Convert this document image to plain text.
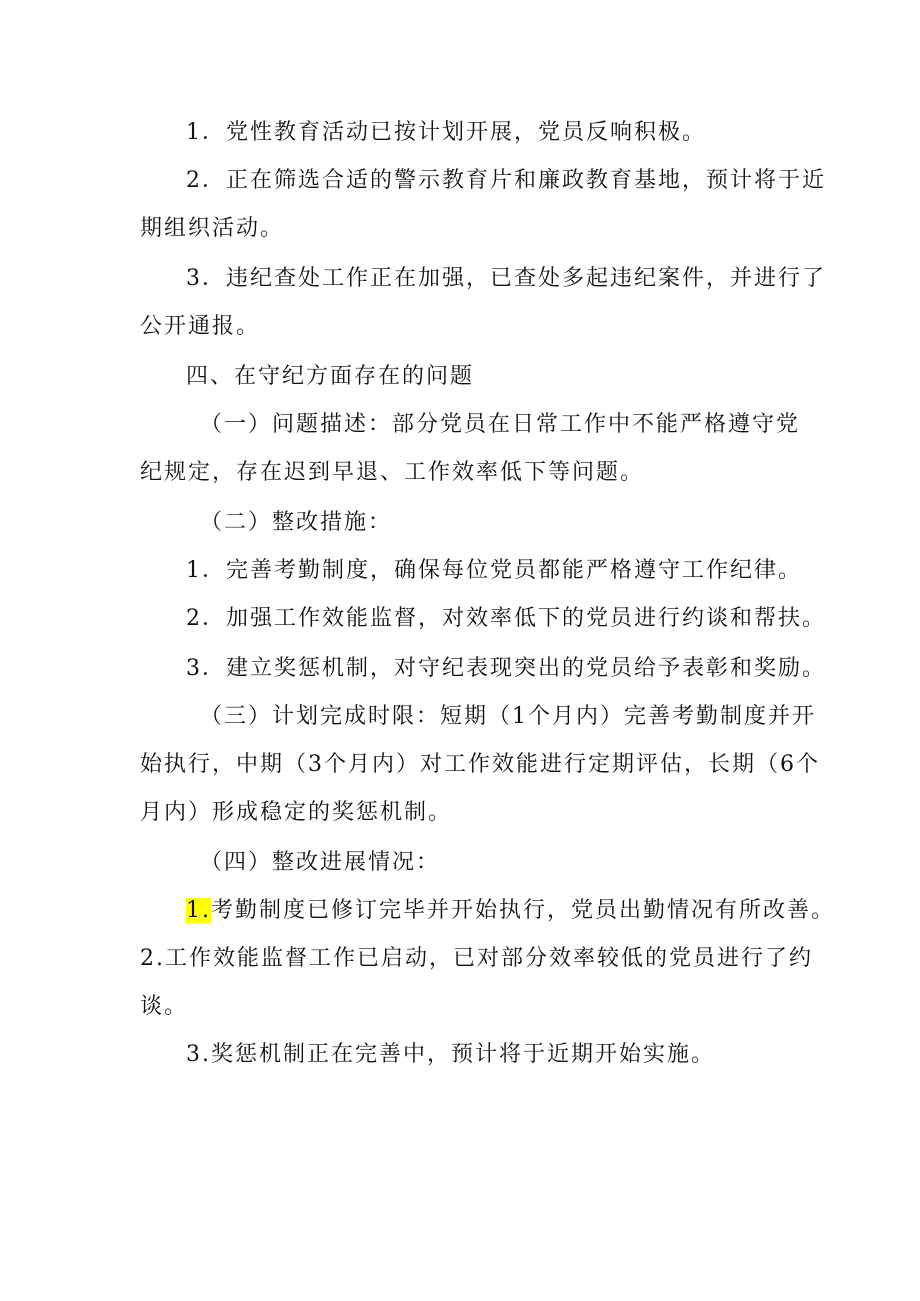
1．党性教育活动已按计划开展，党员反响积极。
2．正在筛选合适的警示教育片和廉政教育基地，预计将于近
期组织活动。
3．违纪查处工作正在加强，已查处多起违纪案件，并进行了
公开通报。
四、在守纪方面存在的问题
（一）问题描述：部分党员在日常工作中不能严格遵守党
纪规定，存在迟到早退、工作效率低下等问题。
（二）整改措施：
1．完善考勤制度，确保每位党员都能严格遵守工作纪律。
2．加强工作效能监督，对效率低下的党员进行约谈和帮扶。
3．建立奖惩机制，对守纪表现突出的党员给予表彰和奖励。
（三）计划完成时限：短期（1个月内）完善考勤制度并开
始执行，中期（3个月内）对工作效能进行定期评估，长期（6个
月内）形成稳定的奖惩机制。
（四）整改进展情况：
1.考勤制度已修订完毕并开始执行，党员出勤情况有所改善。
2.工作效能监督工作已启动，已对部分效率较低的党员进行了约
谈。
3.奖惩机制正在完善中，预计将于近期开始实施。
